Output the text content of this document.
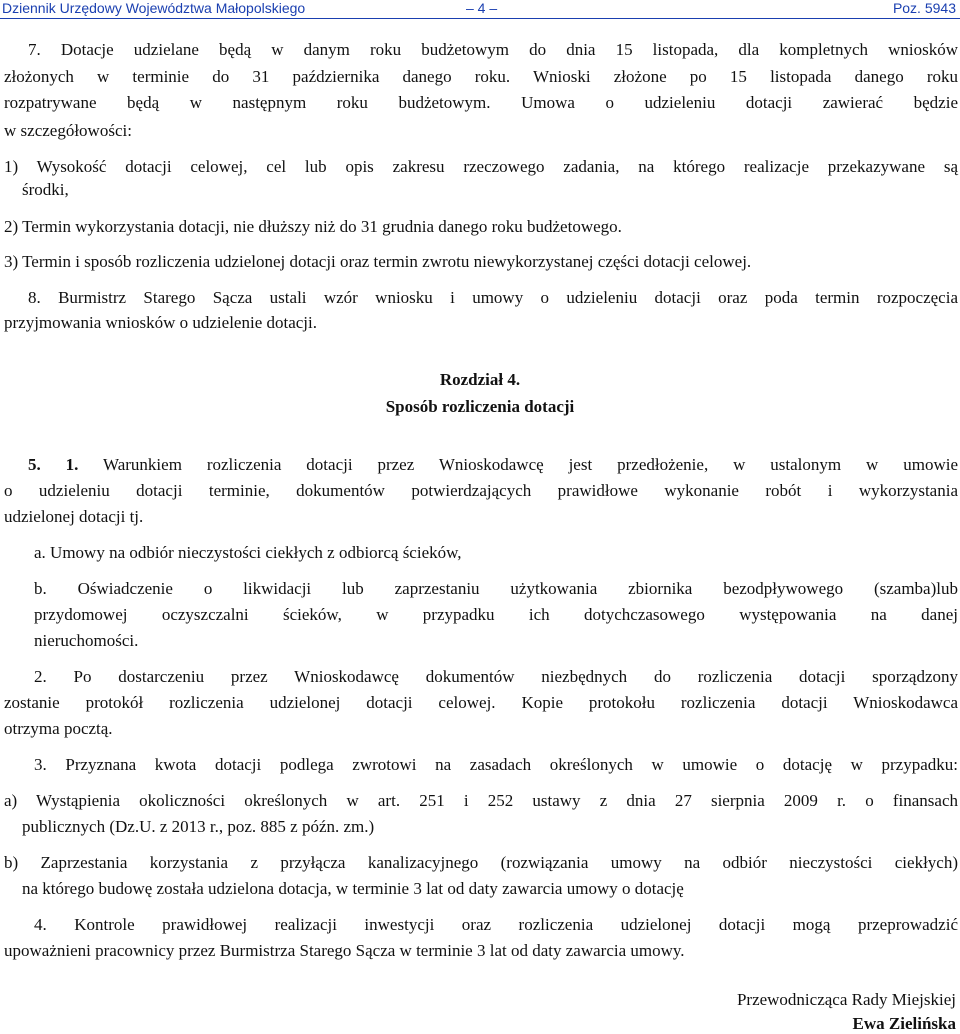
Dziennik Urzędowy Województwa Małopolskiego	– 4 –	Poz. 5943
7. Dotacje udzielane będą w danym roku budżetowym do dnia 15 listopada, dla kompletnych wniosków
złożonych w terminie do 31 października danego roku. Wnioski złożone po 15 listopada danego roku
rozpatrywane będą w następnym roku budżetowym. Umowa o udzieleniu dotacji zawierać będzie
w szczegółowości:
1) Wysokość dotacji celowej, cel lub opis zakresu rzeczowego zadania, na którego realizacje przekazywane są
środki,
2) Termin wykorzystania dotacji, nie dłuższy niż do 31 grudnia danego roku budżetowego.
3) Termin i sposób rozliczenia udzielonej dotacji oraz termin zwrotu niewykorzystanej części dotacji celowej.
8. Burmistrz Starego Sącza ustali wzór wniosku i umowy o udzieleniu dotacji oraz poda termin rozpoczęcia
przyjmowania wniosków o udzielenie dotacji.
5. 1. Warunkiem rozliczenia dotacji przez Wnioskodawcę jest przedłożenie, w ustalonym w umowie
o udzieleniu dotacji terminie, dokumentów potwierdzających prawidłowe wykonanie robót i wykorzystania
udzielonej dotacji tj.
a. Umowy na odbiór nieczystości ciekłych z odbiorcą ścieków,
b. Oświadczenie o likwidacji lub zaprzestaniu użytkowania zbiornika bezodpływowego (szamba)lub
przydomowej oczyszczalni ścieków, w przypadku ich dotychczasowego występowania na danej
nieruchomości.
2. Po dostarczeniu przez Wnioskodawcę dokumentów niezbędnych do rozliczenia dotacji sporządzony
zostanie protokół rozliczenia udzielonej dotacji celowej. Kopie protokołu rozliczenia dotacji Wnioskodawca
otrzyma pocztą.
3. Przyznana kwota dotacji podlega zwrotowi na zasadach określonych w umowie o dotację w przypadku:
a) Wystąpienia okoliczności określonych w art. 251 i 252 ustawy z dnia 27 sierpnia 2009 r. o finansach
publicznych (Dz.U. z 2013 r., poz. 885 z późn. zm.)
b) Zaprzestania korzystania z przyłącza kanalizacyjnego (rozwiązania umowy na odbiór nieczystości ciekłych)
na którego budowę została udzielona dotacja, w terminie 3 lat od daty zawarcia umowy o dotację
4. Kontrole prawidłowej realizacji inwestycji oraz rozliczenia udzielonej dotacji mogą przeprowadzić
upoważnieni pracownicy przez Burmistrza Starego Sącza w terminie 3 lat od daty zawarcia umowy.
Rozdział 4.
Sposób rozliczenia dotacji
Przewodnicząca Rady Miejskiej
Ewa Zielińska
